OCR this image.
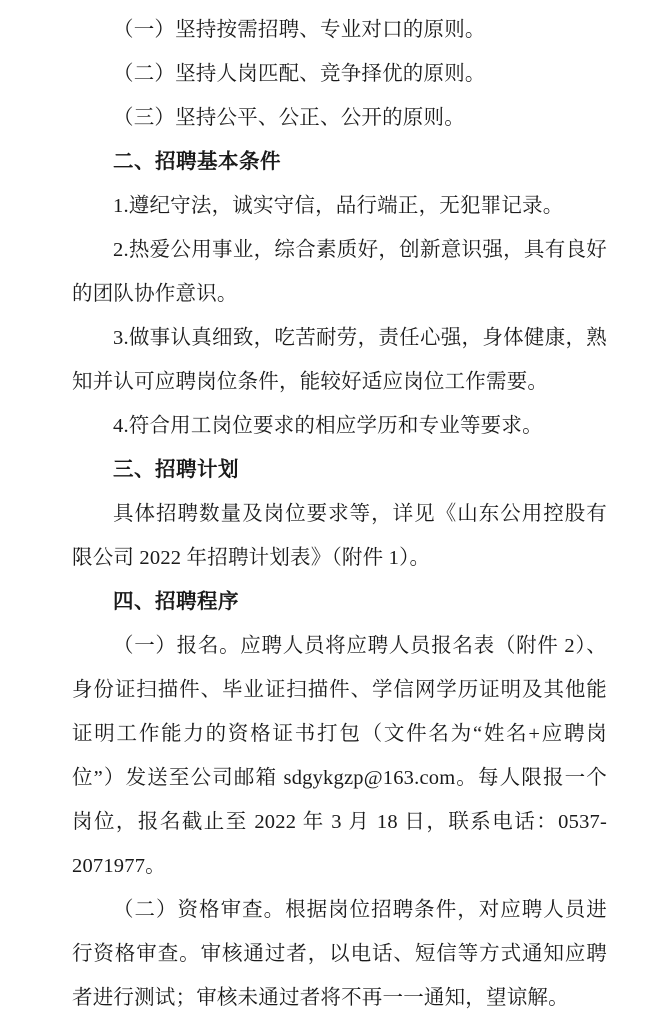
（一）坚持按需招聘、专业对口的原则。

（二）坚持人岗匹配、竞争择优的原则。

（三）坚持公平、公正、公开的原则。

二、招聘基本条件

1.遵纪守法，诚实守信，品行端正，无犯罪记录。

2.热爱公用事业，综合素质好，创新意识强，具有良好的团队协作意识。

3.做事认真细致，吃苦耐劳，责任心强，身体健康，熟知并认可应聘岗位条件，能较好适应岗位工作需要。

4.符合用工岗位要求的相应学历和专业等要求。

三、招聘计划

具体招聘数量及岗位要求等，详见《山东公用控股有限公司 2022 年招聘计划表》（附件 1）。

四、招聘程序

（一）报名。应聘人员将应聘人员报名表（附件 2）、身份证扫描件、毕业证扫描件、学信网学历证明及其他能证明工作能力的资格证书打包（文件名为“姓名+应聘岗位”）发送至公司邮箱 sdgykgzp@163.com。每人限报一个岗位，报名截止至 2022 年 3 月 18 日，联系电话：0537-2071977。

（二）资格审查。根据岗位招聘条件，对应聘人员进行资格审查。审核通过者，以电话、短信等方式通知应聘者进行测试；审核未通过者将不再一一通知，望谅解。
